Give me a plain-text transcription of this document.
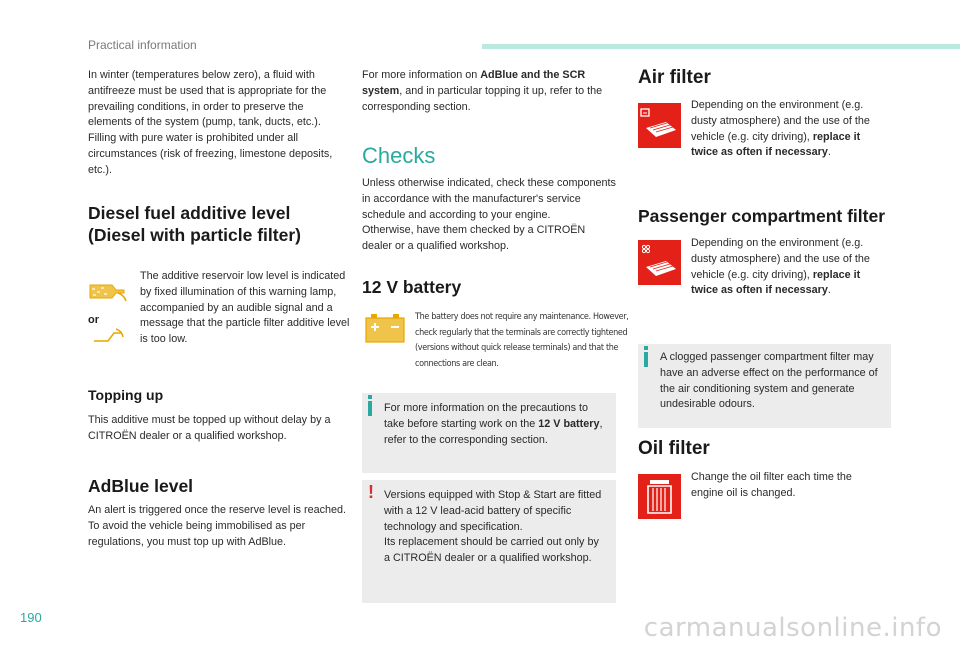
Practical information

In winter (temperatures below zero), a fluid with antifreeze must be used that is appropriate for the prevailing conditions, in order to preserve the elements of the system (pump, tank, ducts, etc.).

Filling with pure water is prohibited under all circumstances (risk of freezing, limestone deposits, etc.).

Diesel fuel additive level
(Diesel with particle filter)
or

The additive reservoir low level is indicated by fixed illumination of this warning lamp, accompanied by an audible signal and a message that the particle filter additive level is too low.

Topping up

This additive must be topped up without delay by a CITROËN dealer or a qualified workshop.

AdBlue level

An alert is triggered once the reserve level is reached.

To avoid the vehicle being immobilised as per regulations, you must top up with AdBlue.

For more information on AdBlue and the SCR system, and in particular topping it up, refer to the corresponding section.

Checks

Unless otherwise indicated, check these components in accordance with the manufacturer's service schedule and according to your engine.

Otherwise, have them checked by a CITROËN dealer or a qualified workshop.

12 V battery
The battery does not require any maintenance. However, check regularly that the terminals are correctly tightened (versions without quick release terminals) and that the connections are clean.

For more information on the precautions to take before starting work on the 12 V battery, refer to the corresponding section.

! Versions equipped with Stop & Start are fitted with a 12 V lead-acid battery of specific technology and specification.

Its replacement should be carried out only by a CITROËN dealer or a qualified workshop.

Air filter

Depending on the environment (e.g. dusty atmosphere) and the use of the vehicle (e.g. city driving), replace it twice as often if necessary.

Passenger compartment filter

Depending on the environment (e.g. dusty atmosphere) and the use of the vehicle (e.g. city driving), replace it twice as often if necessary.

A clogged passenger compartment filter may have an adverse effect on the performance of the air conditioning system and generate undesirable odours.

Oil filter

Change the oil filter each time the engine oil is changed.

190	carmanualsonline.info
